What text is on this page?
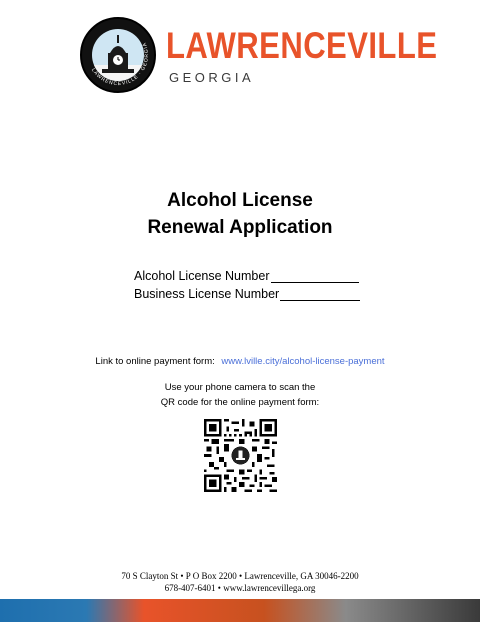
LAWRENCEVILLE · GEORGIA LAWRENCEVILLE
GEORGIA
Alcohol License
Renewal Application
Alcohol License Number
Business License Number
Link to online payment form: www.lville.city/alcohol-license-payment
Use your phone camera to scan the
QR code for the online payment form:
70 S Clayton St • P O Box 2200 • Lawrenceville, GA 30046-2200
678-407-6401 • www.lawrencevillega.org
